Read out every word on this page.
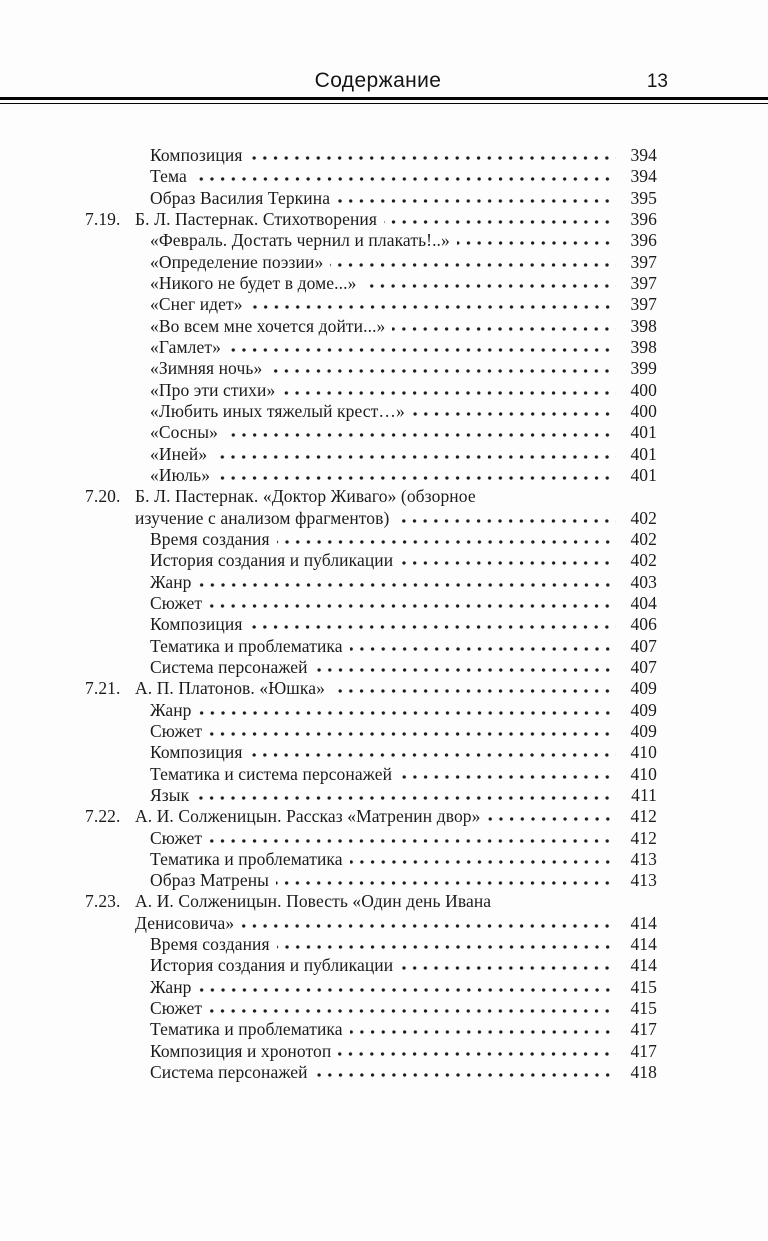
Содержание	13
Композиция	394
Тема	394
Образ Василия Теркина	395
7.19. Б. Л. Пастернак. Стихотворения	396
«Февраль. Достать чернил и плакать!..»	396
«Определение поэзии»	397
«Никого не будет в доме...»	397
«Снег идет»	397
«Во всем мне хочется дойти...»	398
«Гамлет»	398
«Зимняя ночь»	399
«Про эти стихи»	400
«Любить иных тяжелый крест…»	400
«Сосны»	401
«Иней»	401
«Июль»	401
7.20. Б. Л. Пастернак. «Доктор Живаго» (обзорное
изучение с анализом фрагментов)	402
Время создания	402
История создания и публикации	402
Жанр	403
Сюжет	404
Композиция	406
Тематика и проблематика	407
Система персонажей	407
7.21. А. П. Платонов. «Юшка»	409
Жанр	409
Сюжет	409
Композиция	410
Тематика и система персонажей	410
Язык	411
7.22. А. И. Солженицын. Рассказ «Матренин двор»	412
Сюжет	412
Тематика и проблематика	413
Образ Матрены	413
7.23. А. И. Солженицын. Повесть «Один день Ивана
Денисовича»	414
Время создания	414
История создания и публикации	414
Жанр	415
Сюжет	415
Тематика и проблематика	417
Композиция и хронотоп	417
Система персонажей	418
